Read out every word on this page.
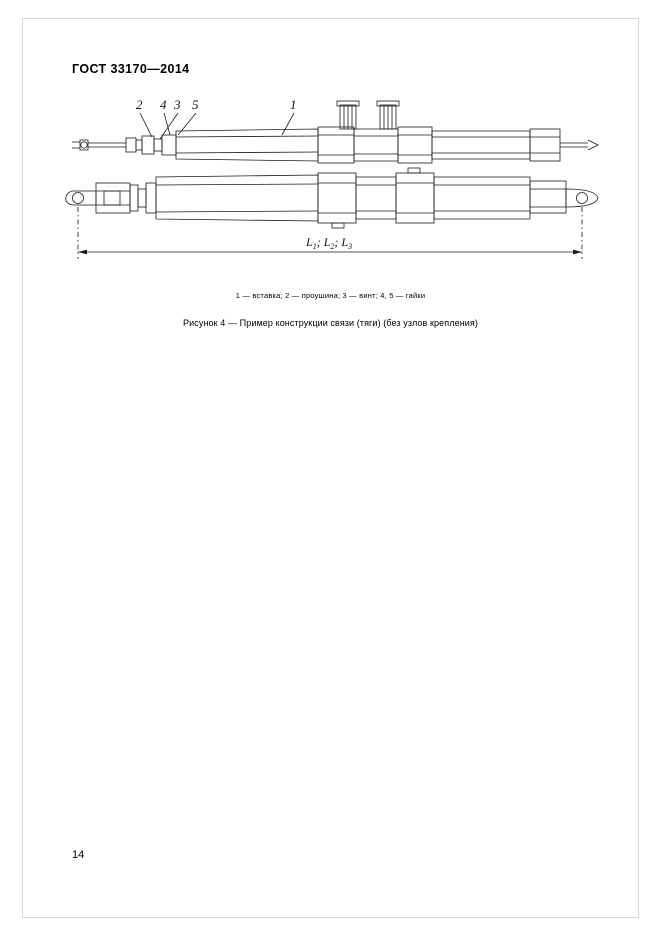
ГОСТ 33170—2014
2 4 3 5	1
$L_1$; $L_2$; $L_3$
1 — вставка; 2 — проушина; 3 — винт; 4, 5 — гайки
Рисунок 4 — Пример конструкции связи (тяги) (без узлов крепления)
14
